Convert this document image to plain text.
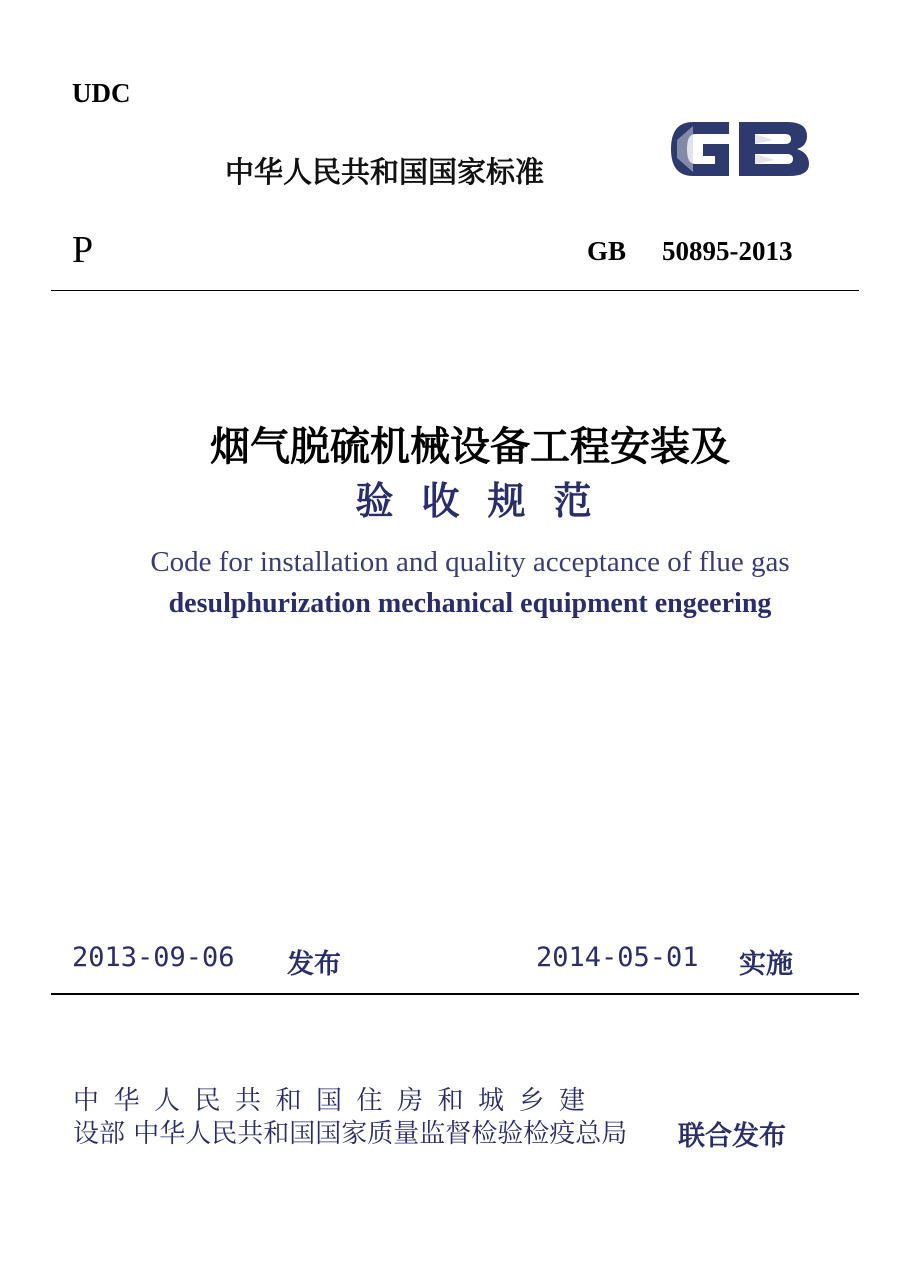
UDC
中华人民共和国国家标准
P	GB 50895-2013
烟气脱硫机械设备工程安装及
验收规范
Code for installation and quality acceptance of flue gas
desulphurization mechanical equipment engeering
2013-09-06 发布	2014-05-01 实施
中华人民共和国住房和城乡建
设部 中华人民共和国国家质量监督检验检疫总局	联合发布
